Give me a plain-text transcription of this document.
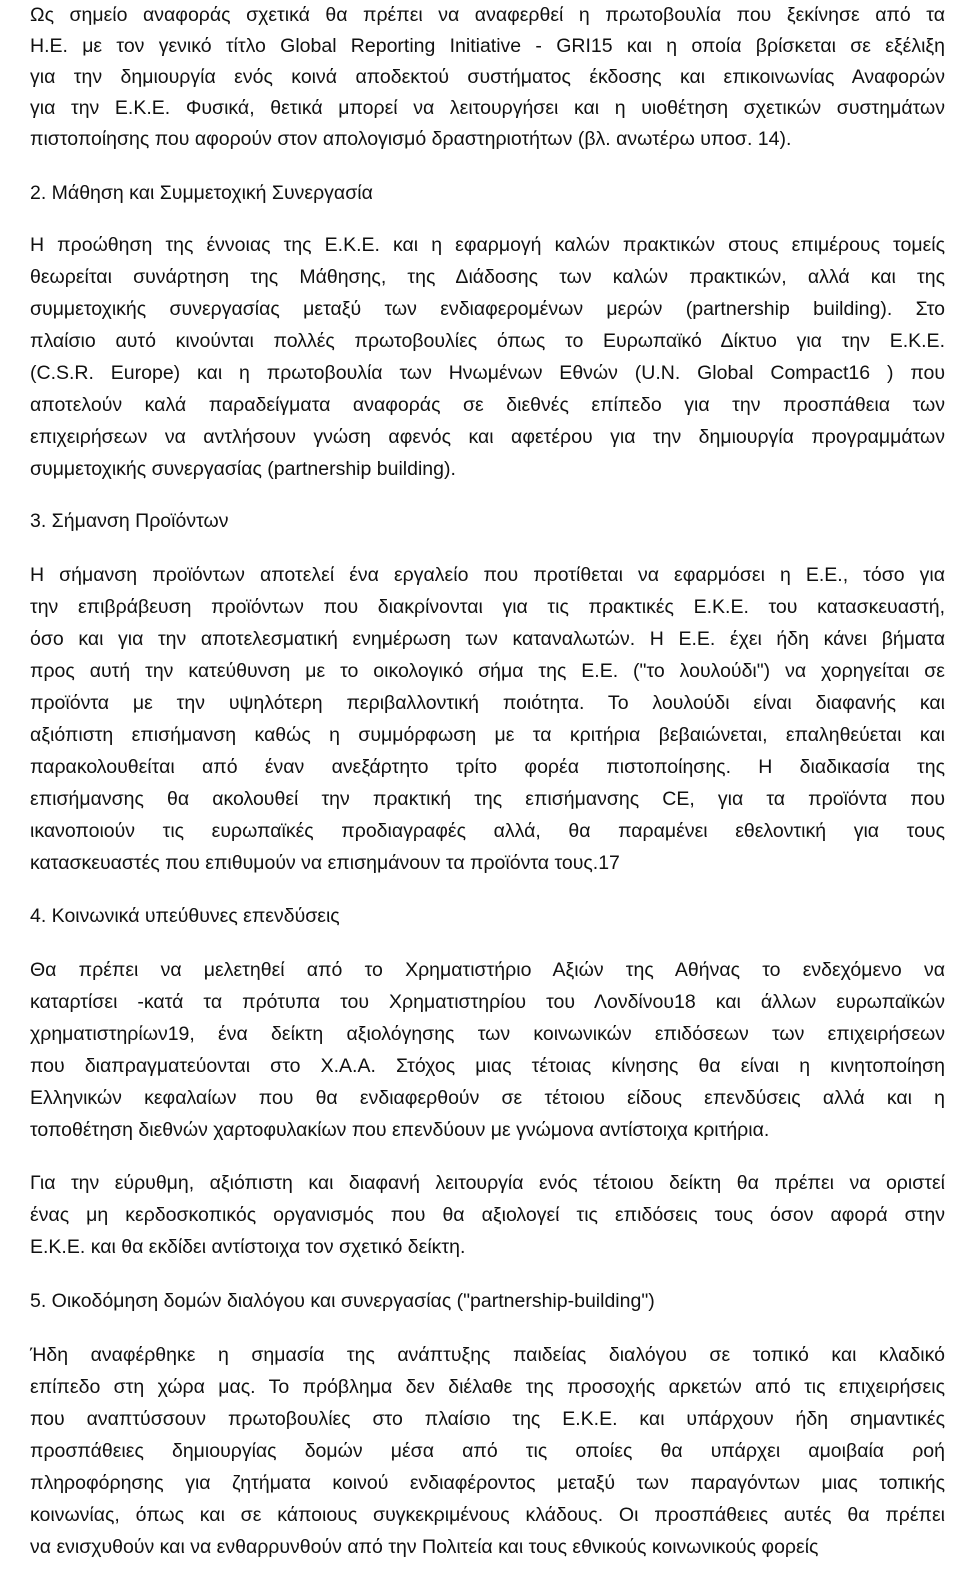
Ως σημείο αναφοράς σχετικά θα πρέπει να αναφερθεί η πρωτοβουλία που ξεκίνησε από τα
Η.Ε. με τον γενικό τίτλο Global Reporting Initiative - GRI15 και η οποία βρίσκεται σε εξέλιξη
για την δημιουργία ενός κοινά αποδεκτού συστήματος έκδοσης και επικοινωνίας Αναφορών
για την Ε.Κ.Ε. Φυσικά, θετικά μπορεί να λειτουργήσει και η υιοθέτηση σχετικών συστημάτων
πιστοποίησης που αφορούν στον απολογισμό δραστηριοτήτων (βλ. ανωτέρω υποσ. 14).
2. Μάθηση και Συμμετοχική Συνεργασία
Η προώθηση της έννοιας της Ε.Κ.Ε. και η εφαρμογή καλών πρακτικών στους επιμέρους τομείς
θεωρείται συνάρτηση της Μάθησης, της Διάδοσης των καλών πρακτικών, αλλά και της
συμμετοχικής συνεργασίας μεταξύ των ενδιαφερομένων μερών (partnership building). Στο
πλαίσιο αυτό κινούνται πολλές πρωτοβουλίες όπως το Ευρωπαϊκό Δίκτυο για την Ε.Κ.Ε.
(C.S.R. Europe) και η πρωτοβουλία των Ηνωμένων Εθνών (U.N. Global Compact16 ) που
αποτελούν καλά παραδείγματα αναφοράς σε διεθνές επίπεδο για την προσπάθεια των
επιχειρήσεων να αντλήσουν γνώση αφενός και αφετέρου για την δημιουργία προγραμμάτων
συμμετοχικής συνεργασίας (partnership building).
3. Σήμανση Προϊόντων
Η σήμανση προϊόντων αποτελεί ένα εργαλείο που προτίθεται να εφαρμόσει η Ε.Ε., τόσο για
την επιβράβευση προϊόντων που διακρίνονται για τις πρακτικές Ε.Κ.Ε. του κατασκευαστή,
όσο και για την αποτελεσματική ενημέρωση των καταναλωτών. Η Ε.Ε. έχει ήδη κάνει βήματα
προς αυτή την κατεύθυνση με το οικολογικό σήμα της Ε.Ε. ("το λουλούδι") να χορηγείται σε
προϊόντα με την υψηλότερη περιβαλλοντική ποιότητα. Το λουλούδι είναι διαφανής και
αξιόπιστη επισήμανση καθώς η συμμόρφωση με τα κριτήρια βεβαιώνεται, επαληθεύεται και
παρακολουθείται από έναν ανεξάρτητο τρίτο φορέα πιστοποίησης. Η διαδικασία της
επισήμανσης θα ακολουθεί την πρακτική της επισήμανσης CE, για τα προϊόντα που
ικανοποιούν τις ευρωπαϊκές προδιαγραφές αλλά, θα παραμένει εθελοντική για τους
κατασκευαστές που επιθυμούν να επισημάνουν τα προϊόντα τους.17
4. Κοινωνικά υπεύθυνες επενδύσεις
Θα πρέπει να μελετηθεί από το Χρηματιστήριο Αξιών της Αθήνας το ενδεχόμενο να
καταρτίσει -κατά τα πρότυπα του Χρηματιστηρίου του Λονδίνου18 και άλλων ευρωπαϊκών
χρηματιστηρίων19, ένα δείκτη αξιολόγησης των κοινωνικών επιδόσεων των επιχειρήσεων
που διαπραγματεύονται στο Χ.Α.Α. Στόχος μιας τέτοιας κίνησης θα είναι η κινητοποίηση
Ελληνικών κεφαλαίων που θα ενδιαφερθούν σε τέτοιου είδους επενδύσεις αλλά και η
τοποθέτηση διεθνών χαρτοφυλακίων που επενδύουν με γνώμονα αντίστοιχα κριτήρια.
Για την εύρυθμη, αξιόπιστη και διαφανή λειτουργία ενός τέτοιου δείκτη θα πρέπει να οριστεί
ένας μη κερδοσκοπικός οργανισμός που θα αξιολογεί τις επιδόσεις τους όσον αφορά στην
Ε.Κ.Ε. και θα εκδίδει αντίστοιχα τον σχετικό δείκτη.
5. Οικοδόμηση δομών διαλόγου και συνεργασίας ("partnership-building")
Ήδη αναφέρθηκε η σημασία της ανάπτυξης παιδείας διαλόγου σε τοπικό και κλαδικό
επίπεδο στη χώρα μας. Το πρόβλημα δεν διέλαθε της προσοχής αρκετών από τις επιχειρήσεις
που αναπτύσσουν πρωτοβουλίες στο πλαίσιο της Ε.Κ.Ε. και υπάρχουν ήδη σημαντικές
προσπάθειες δημιουργίας δομών μέσα από τις οποίες θα υπάρχει αμοιβαία ροή
πληροφόρησης για ζητήματα κοινού ενδιαφέροντος μεταξύ των παραγόντων μιας τοπικής
κοινωνίας, όπως και σε κάποιους συγκεκριμένους κλάδους. Οι προσπάθειες αυτές θα πρέπει
να ενισχυθούν και να ενθαρρυνθούν από την Πολιτεία και τους εθνικούς κοινωνικούς φορείς
